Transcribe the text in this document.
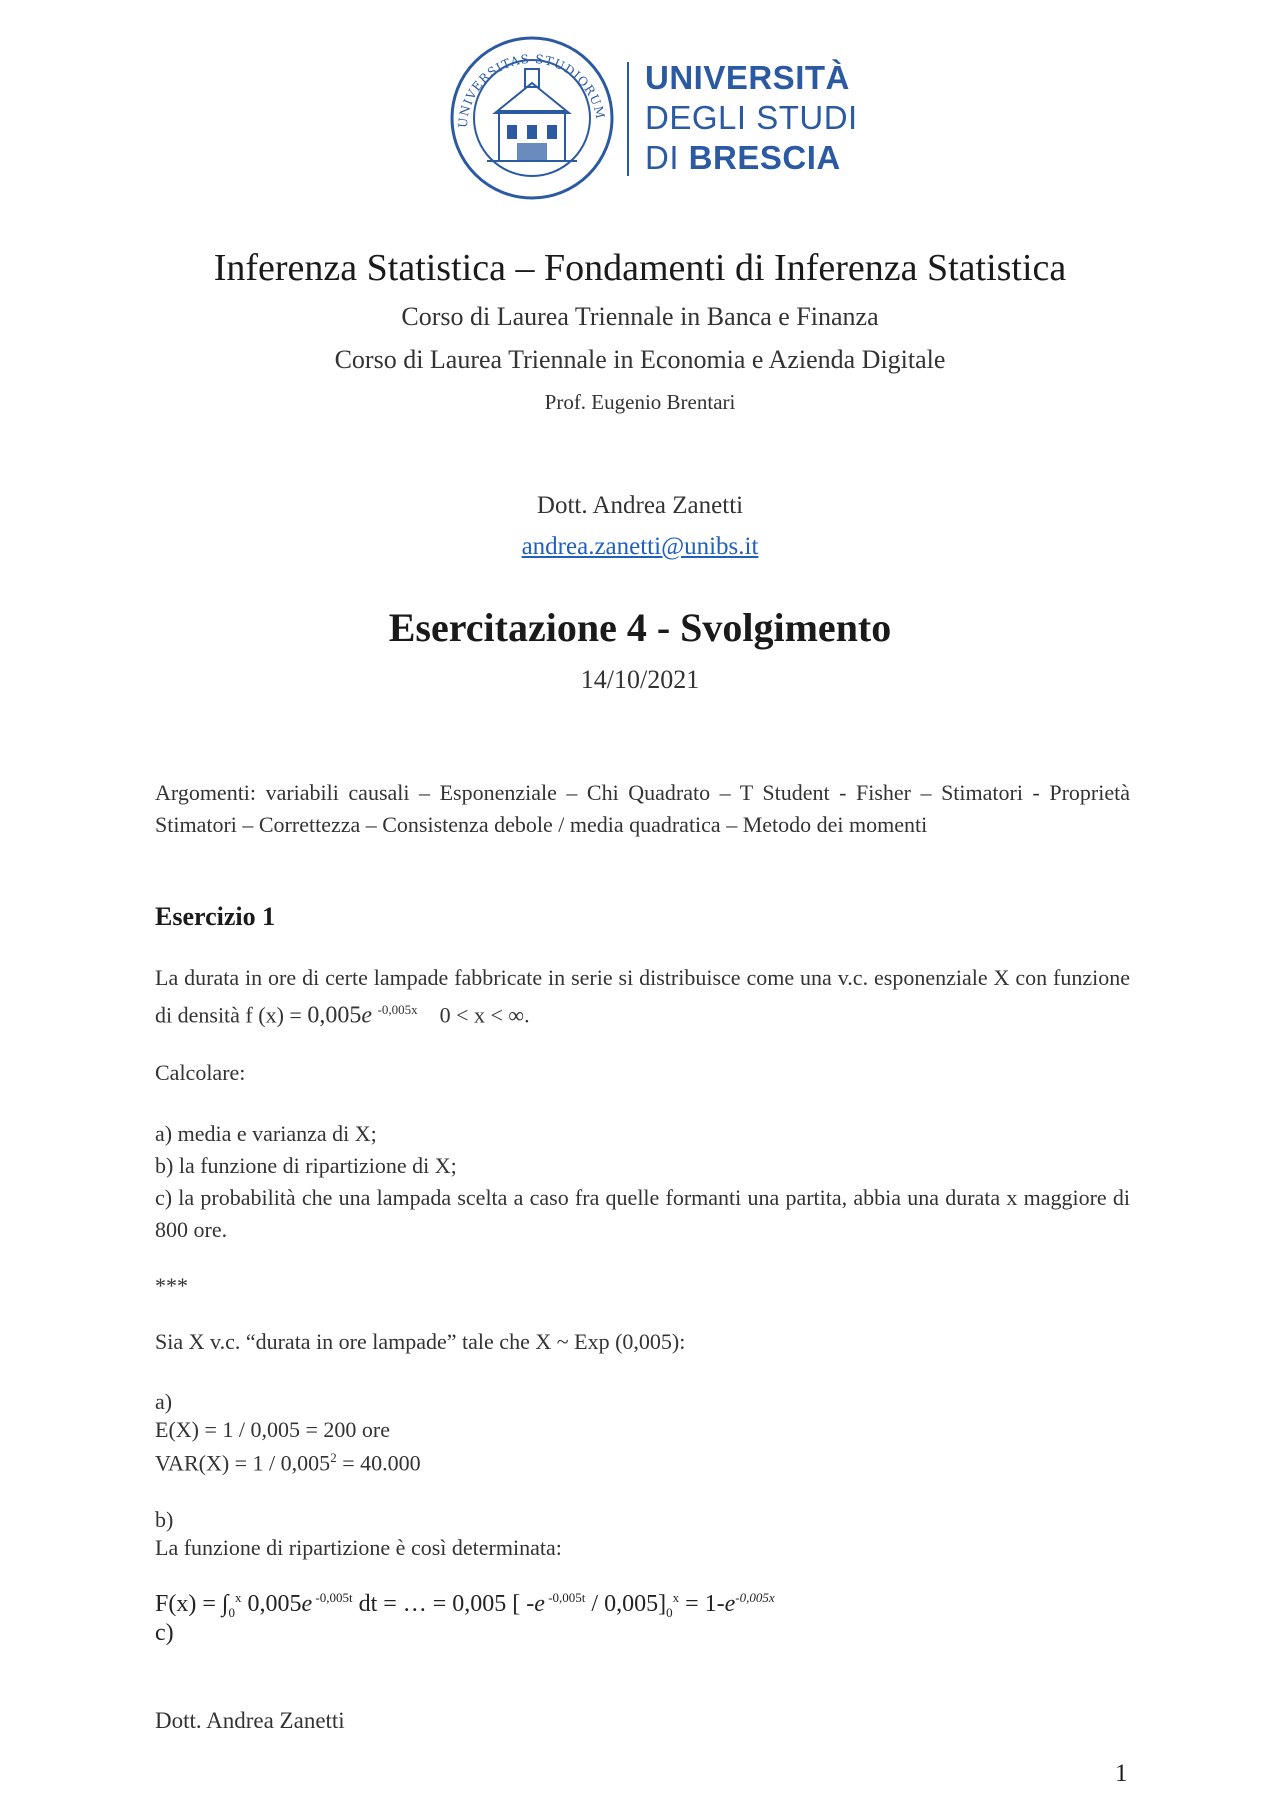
UNIVERSITAS STUDIORUM
UNIVERSITÀ
DEGLI STUDI
DI BRESCIA
Inferenza Statistica – Fondamenti di Inferenza Statistica
Corso di Laurea Triennale in Banca e Finanza
Corso di Laurea Triennale in Economia e Azienda Digitale
Prof. Eugenio Brentari
Dott. Andrea Zanetti
andrea.zanetti@unibs.it
Esercitazione 4 - Svolgimento
14/10/2021
Argomenti: variabili causali – Esponenziale – Chi Quadrato – T Student - Fisher – Stimatori - Proprietà Stimatori – Correttezza – Consistenza debole / media quadratica – Metodo dei momenti
Esercizio 1
La durata in ore di certe lampade fabbricate in serie si distribuisce come una v.c. esponenziale X con funzione di densità f (x) = 0,005e $^{-0,005x}$ 0 < x < ∞.
Calcolare:
a) media e varianza di X;
b) la funzione di ripartizione di X;
c) la probabilità che una lampada scelta a caso fra quelle formanti una partita, abbia una durata x maggiore di 800 ore.
***
Sia X v.c. “durata in ore lampade” tale che X ~ Exp (0,005):
a)
E(X) = 1 / 0,005 = 200 ore
$VAR(X) = 1 / 0,005^2 = 40.000$
b)
La funzione di ripartizione è così determinata:
$F(x) = \int_0^x$ 0,005e $^{-0,005t}$ dt = … = 0,005 [ -e $^{-0,005t} / 0,005]_0^x = 1-e^{-0,005x}$
c)
Dott. Andrea Zanetti
1
